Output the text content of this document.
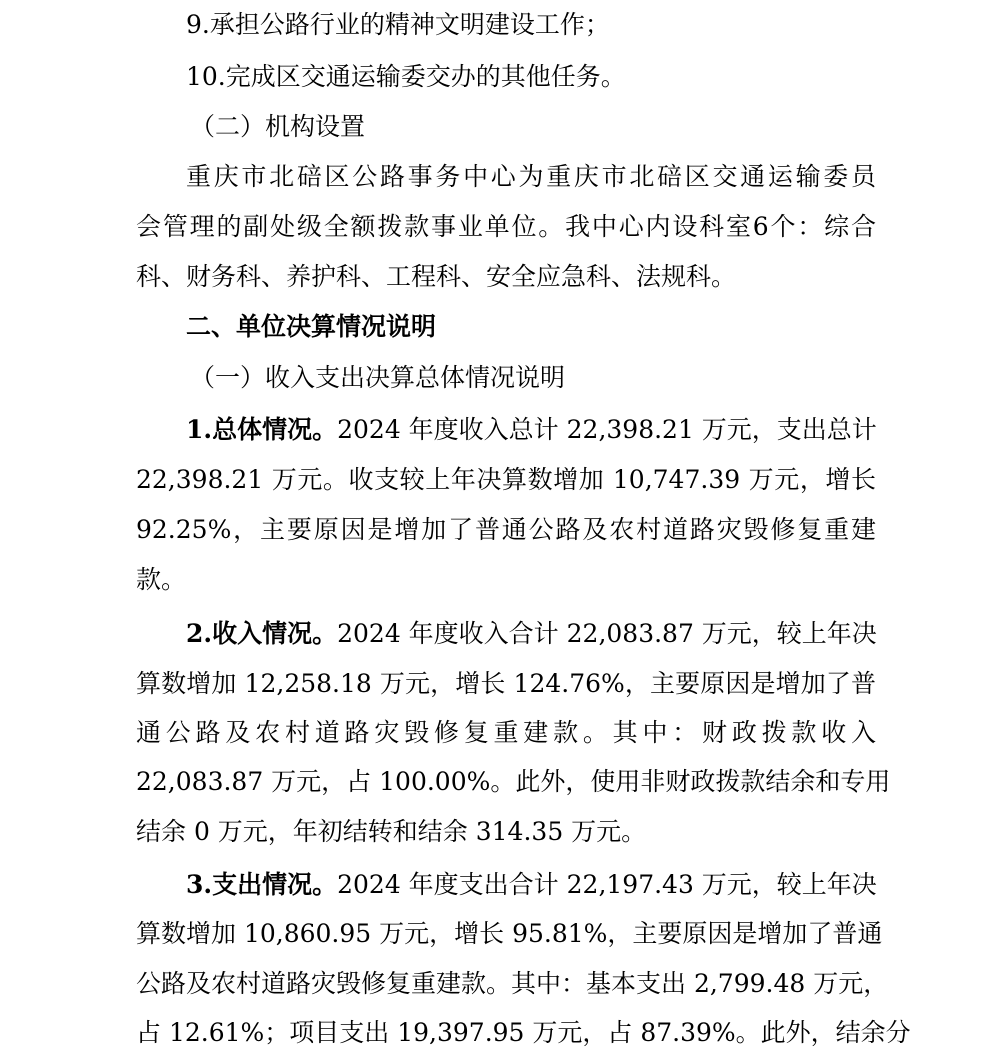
9.承担公路行业的精神文明建设工作；
10.完成区交通运输委交办的其他任务。
（二）机构设置
重庆市北碚区公路事务中心为重庆市北碚区交通运输委员
会管理的副处级全额拨款事业单位。我中心内设科室6个：综合
科、财务科、养护科、工程科、安全应急科、法规科。
二、单位决算情况说明
（一）收入支出决算总体情况说明
1.总体情况。2024 年度收入总计 22,398.21 万元，支出总计
22,398.21 万元。收支较上年决算数增加 10,747.39 万元，增长
92.25%，主要原因是增加了普通公路及农村道路灾毁修复重建
款。
2.收入情况。2024 年度收入合计 22,083.87 万元，较上年决
算数增加 12,258.18 万元，增长 124.76%，主要原因是增加了普
通公路及农村道路灾毁修复重建款。其中：财政拨款收入
22,083.87 万元，占 100.00%。此外，使用非财政拨款结余和专用
结余 0 万元，年初结转和结余 314.35 万元。
3.支出情况。2024 年度支出合计 22,197.43 万元，较上年决
算数增加 10,860.95 万元，增长 95.81%，主要原因是增加了普通
公路及农村道路灾毁修复重建款。其中：基本支出 2,799.48 万元，
占 12.61%；项目支出 19,397.95 万元，占 87.39%。此外，结余分
